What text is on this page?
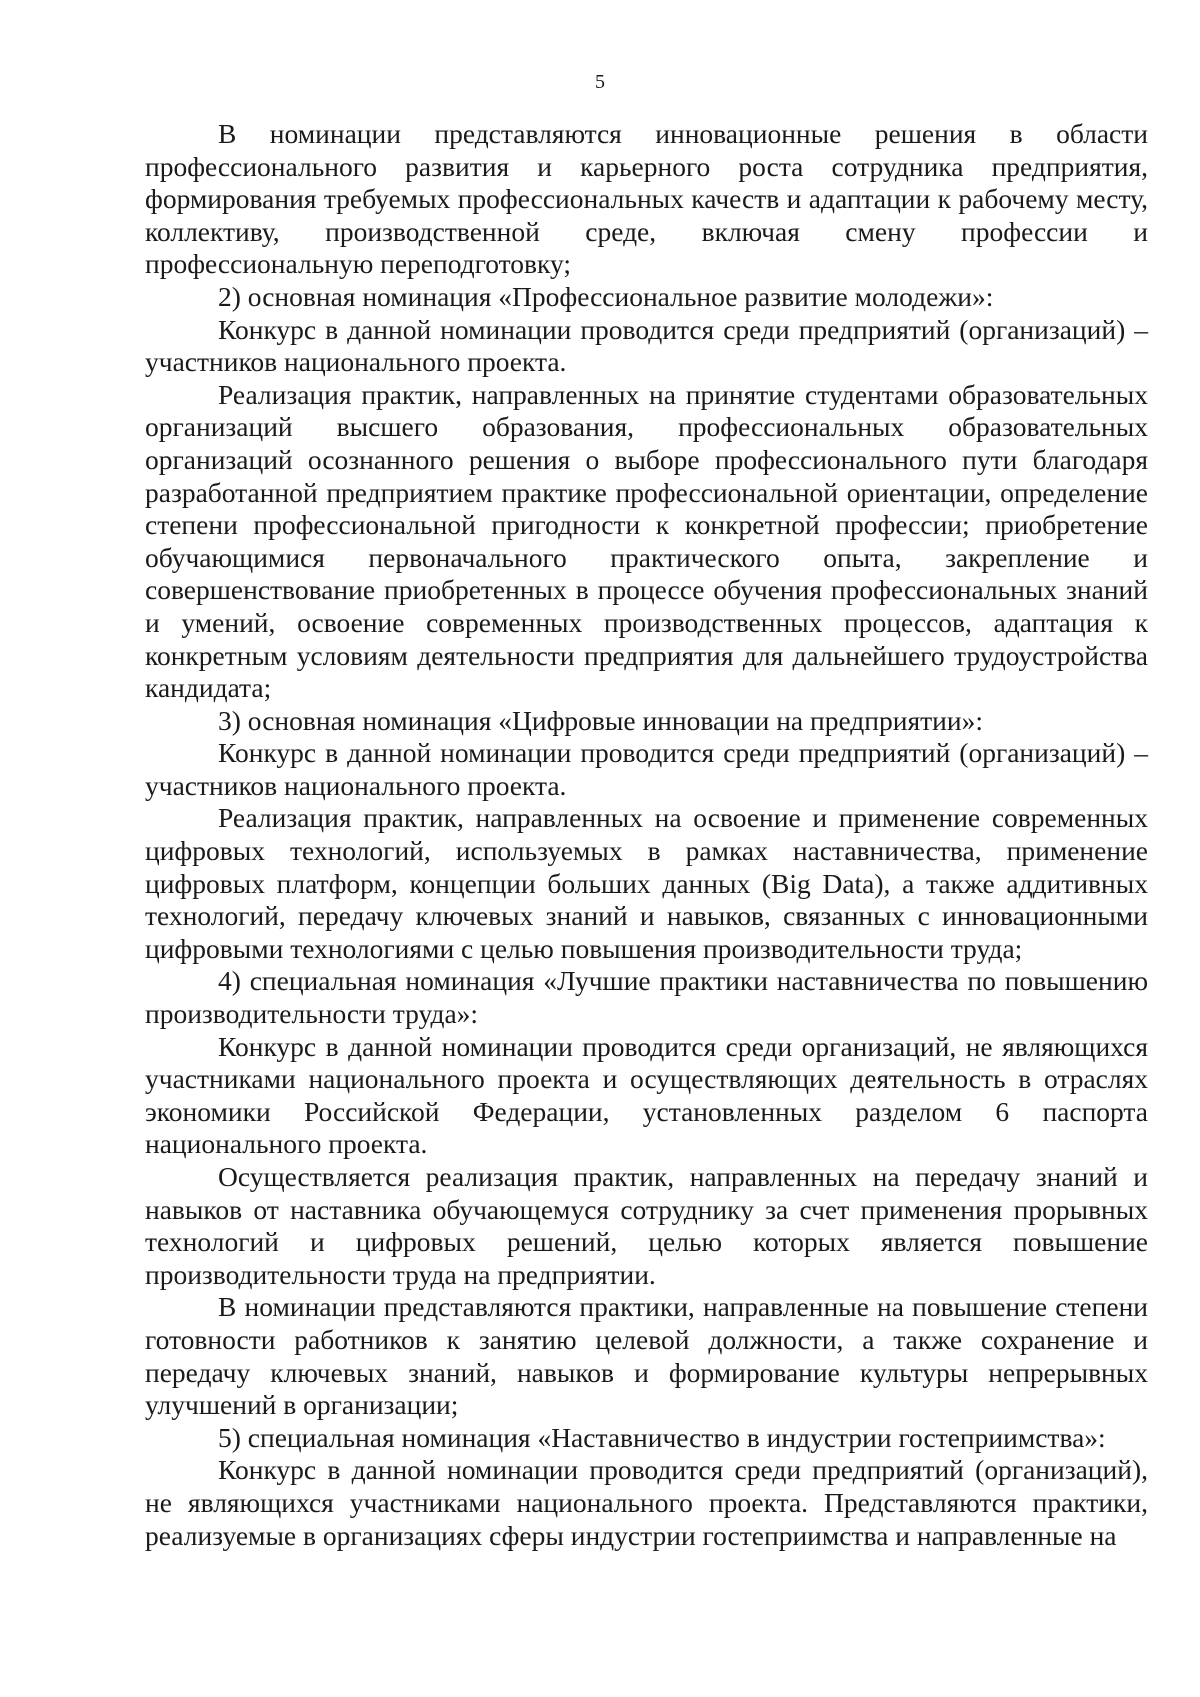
5

В номинации представляются инновационные решения в области профессионального развития и карьерного роста сотрудника предприятия, формирования требуемых профессиональных качеств и адаптации к рабочему месту, коллективу, производственной среде, включая смену профессии и профессиональную переподготовку;

2) основная номинация «Профессиональное развитие молодежи»:

Конкурс в данной номинации проводится среди предприятий (организаций) – участников национального проекта.

Реализация практик, направленных на принятие студентами образовательных организаций высшего образования, профессиональных образовательных организаций осознанного решения о выборе профессионального пути благодаря разработанной предприятием практике профессиональной ориентации, определение степени профессиональной пригодности к конкретной профессии; приобретение обучающимися первоначального практического опыта, закрепление и совершенствование приобретенных в процессе обучения профессиональных знаний и умений, освоение современных производственных процессов, адаптация к конкретным условиям деятельности предприятия для дальнейшего трудоустройства кандидата;

3) основная номинация «Цифровые инновации на предприятии»:

Конкурс в данной номинации проводится среди предприятий (организаций) – участников национального проекта.

Реализация практик, направленных на освоение и применение современных цифровых технологий, используемых в рамках наставничества, применение цифровых платформ, концепции больших данных (Big Data), а также аддитивных технологий, передачу ключевых знаний и навыков, связанных с инновационными цифровыми технологиями с целью повышения производительности труда;

4) специальная номинация «Лучшие практики наставничества по повышению производительности труда»:

Конкурс в данной номинации проводится среди организаций, не являющихся участниками национального проекта и осуществляющих деятельность в отраслях экономики Российской Федерации, установленных разделом 6 паспорта национального проекта.

Осуществляется реализация практик, направленных на передачу знаний и навыков от наставника обучающемуся сотруднику за счет применения прорывных технологий и цифровых решений, целью которых является повышение производительности труда на предприятии.

В номинации представляются практики, направленные на повышение степени готовности работников к занятию целевой должности, а также сохранение и передачу ключевых знаний, навыков и формирование культуры непрерывных улучшений в организации;

5) специальная номинация «Наставничество в индустрии гостеприимства»:

Конкурс в данной номинации проводится среди предприятий (организаций), не являющихся участниками национального проекта. Представляются практики, реализуемые в организациях сферы индустрии гостеприимства и направленные на
